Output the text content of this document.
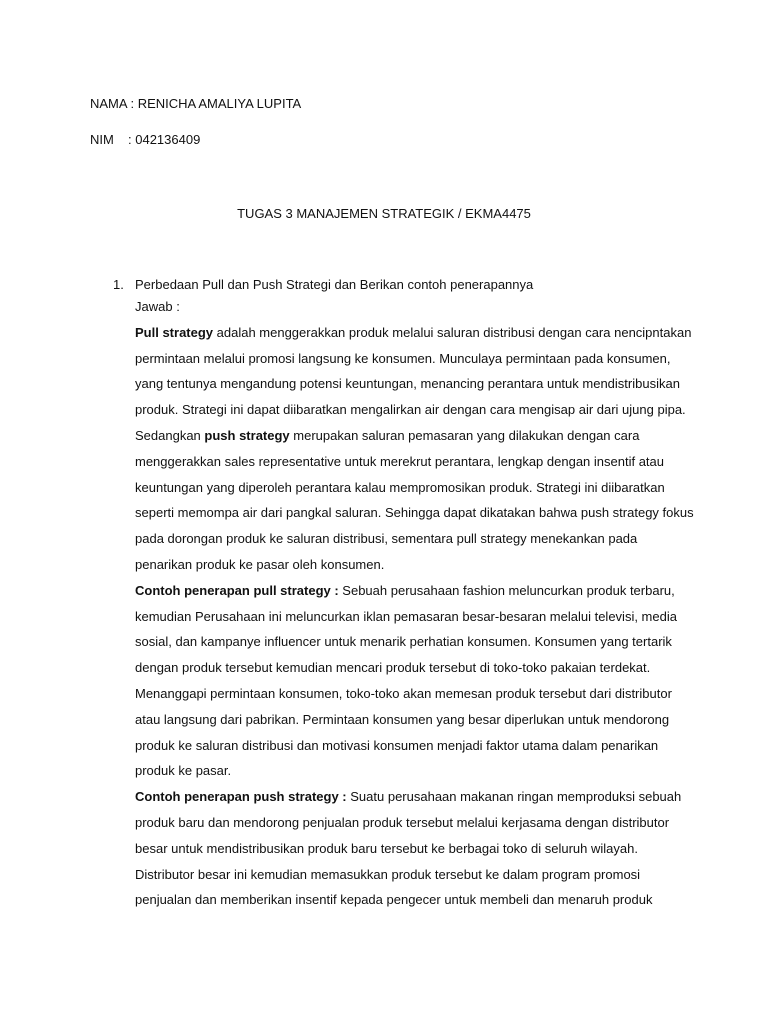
NAMA : RENICHA AMALIYA LUPITA
NIM : 042136409
TUGAS 3 MANAJEMEN STRATEGIK / EKMA4475
1. Perbedaan Pull dan Push Strategi dan Berikan contoh penerapannya
Jawab :
Pull strategy adalah menggerakkan produk melalui saluran distribusi dengan cara nencipntakan
permintaan melalui promosi langsung ke konsumen. Munculaya permintaan pada konsumen,
yang tentunya mengandung potensi keuntungan, menancing perantara untuk mendistribusikan
produk. Strategi ini dapat diibaratkan mengalirkan air dengan cara mengisap air dari ujung pipa.
Sedangkan push strategy merupakan saluran pemasaran yang dilakukan dengan cara
menggerakkan sales representative untuk merekrut perantara, lengkap dengan insentif atau
keuntungan yang diperoleh perantara kalau mempromosikan produk. Strategi ini diibaratkan
seperti memompa air dari pangkal saluran. Sehingga dapat dikatakan bahwa push strategy fokus
pada dorongan produk ke saluran distribusi, sementara pull strategy menekankan pada
penarikan produk ke pasar oleh konsumen.
Contoh penerapan pull strategy : Sebuah perusahaan fashion meluncurkan produk terbaru,
kemudian Perusahaan ini meluncurkan iklan pemasaran besar-besaran melalui televisi, media
sosial, dan kampanye influencer untuk menarik perhatian konsumen. Konsumen yang tertarik
dengan produk tersebut kemudian mencari produk tersebut di toko-toko pakaian terdekat.
Menanggapi permintaan konsumen, toko-toko akan memesan produk tersebut dari distributor
atau langsung dari pabrikan. Permintaan konsumen yang besar diperlukan untuk mendorong
produk ke saluran distribusi dan motivasi konsumen menjadi faktor utama dalam penarikan
produk ke pasar.
Contoh penerapan push strategy : Suatu perusahaan makanan ringan memproduksi sebuah
produk baru dan mendorong penjualan produk tersebut melalui kerjasama dengan distributor
besar untuk mendistribusikan produk baru tersebut ke berbagai toko di seluruh wilayah.
Distributor besar ini kemudian memasukkan produk tersebut ke dalam program promosi
penjualan dan memberikan insentif kepada pengecer untuk membeli dan menaruh produk
